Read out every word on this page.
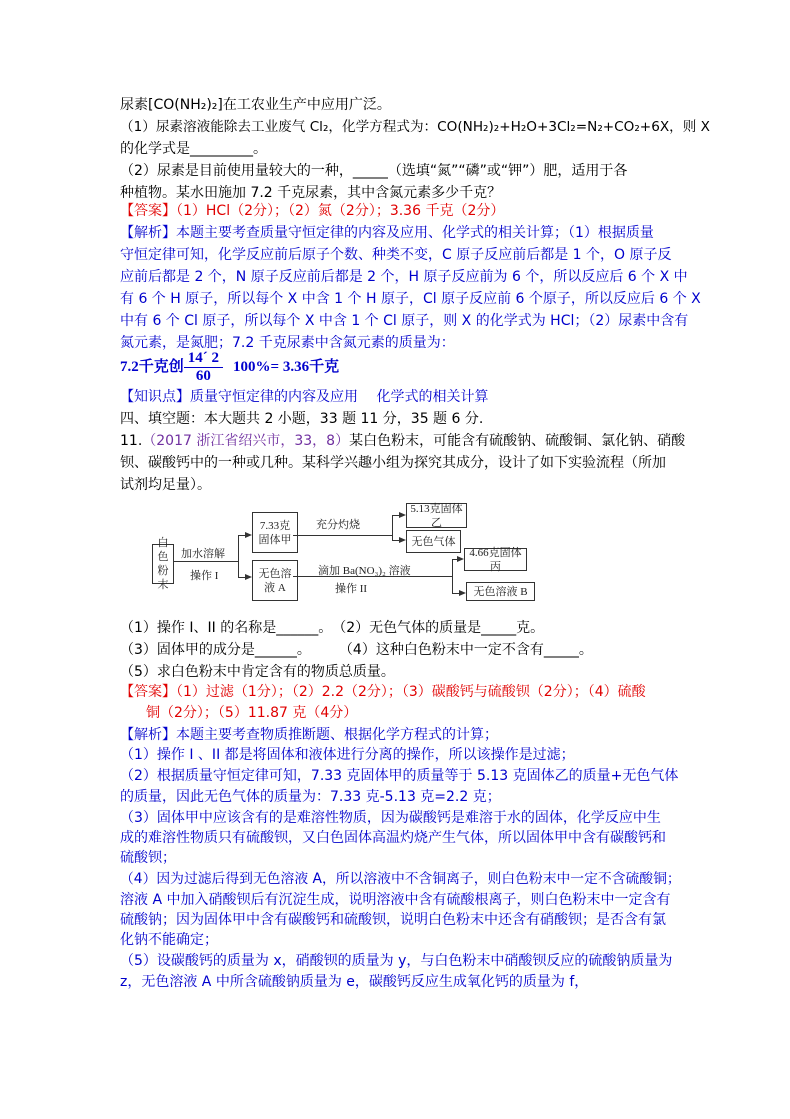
尿素[CO(NH₂)₂]在工农业生产中应用广泛。
（1）尿素溶液能除去工业废气 Cl₂，化学方程式为：CO(NH₂)₂+H₂O+3Cl₂=N₂+CO₂+6X，则 X
的化学式是_________。
（2）尿素是目前使用量较大的一种，_____（选填“氮”“磷”或“钾”）肥，适用于各
种植物。某水田施加 7.2 千克尿素，其中含氮元素多少千克？
【答案】（1）HCl（2分）；（2）氮（2分）；3.36 千克（2分）
【解析】本题主要考查质量守恒定律的内容及应用、化学式的相关计算；（1）根据质量
守恒定律可知，化学反应前后原子个数、种类不变，C 原子反应前后都是 1 个，O 原子反
应前后都是 2 个，N 原子反应前后都是 2 个，H 原子反应前为 6 个，所以反应后 6 个 X 中
有 6 个 H 原子，所以每个 X 中含 1 个 H 原子，Cl 原子反应前 6 个原子，所以反应后 6 个 X
中有 6 个 Cl 原子，所以每个 X 中含 1 个 Cl 原子，则 X 的化学式为 HCl；（2）尿素中含有
氮元素，是氮肥；7.2 千克尿素中含氮元素的质量为：
7.2千克创 $\frac{14´ 2}{60} 100\%= 3.36$千克
【知识点】质量守恒定律的内容及应用　 化学式的相关计算
四、填空题：本大题共 2 小题，33 题 11 分，35 题 6 分.
11.（2017 浙江省绍兴市，33，8）某白色粉末，可能含有硫酸钠、硫酸铜、氯化钠、硝酸
钡、碳酸钙中的一种或几种。某科学兴趣小组为探究其成分，设计了如下实验流程（所加
试剂均足量）。
白色粉末
加水溶解
操作 I
7.33克固体甲
无色溶液 A
充分灼烧
5.13克固体乙
无色气体
滴加 Ba(NO₃)₂ 溶液
操作 II
4.66克固体丙
无色溶液 B
（1）操作 I、II 的名称是______。　（2）无色气体的质量是_____克。
（3）固体甲的成分是______。　　　（4）这种白色粉末中一定不含有_____。
（5）求白色粉末中肯定含有的物质总质量。
【答案】（1）过滤（1分）；（2）2.2（2分）；（3）碳酸钙与硫酸钡（2分）；（4）硫酸
铜（2分）；（5）11.87 克（4分）
【解析】本题主要考查物质推断题、根据化学方程式的计算；
（1）操作 I 、II 都是将固体和液体进行分离的操作，所以该操作是过滤；
（2）根据质量守恒定律可知，7.33 克固体甲的质量等于 5.13 克固体乙的质量+无色气体
的质量，因此无色气体的质量为：7.33 克-5.13 克=2.2 克；
（3）固体甲中应该含有的是难溶性物质，因为碳酸钙是难溶于水的固体，化学反应中生
成的难溶性物质只有硫酸钡，又白色固体高温灼烧产生气体，所以固体甲中含有碳酸钙和
硫酸钡；
（4）因为过滤后得到无色溶液 A，所以溶液中不含铜离子，则白色粉末中一定不含硫酸铜；
溶液 A 中加入硝酸钡后有沉淀生成，说明溶液中含有硫酸根离子，则白色粉末中一定含有
硫酸钠；因为固体甲中含有碳酸钙和硫酸钡，说明白色粉末中还含有硝酸钡；是否含有氯
化钠不能确定；
（5）设碳酸钙的质量为 x，硝酸钡的质量为 y，与白色粉末中硝酸钡反应的硫酸钠质量为
z，无色溶液 A 中所含硫酸钠质量为 e，碳酸钙反应生成氧化钙的质量为 f，
